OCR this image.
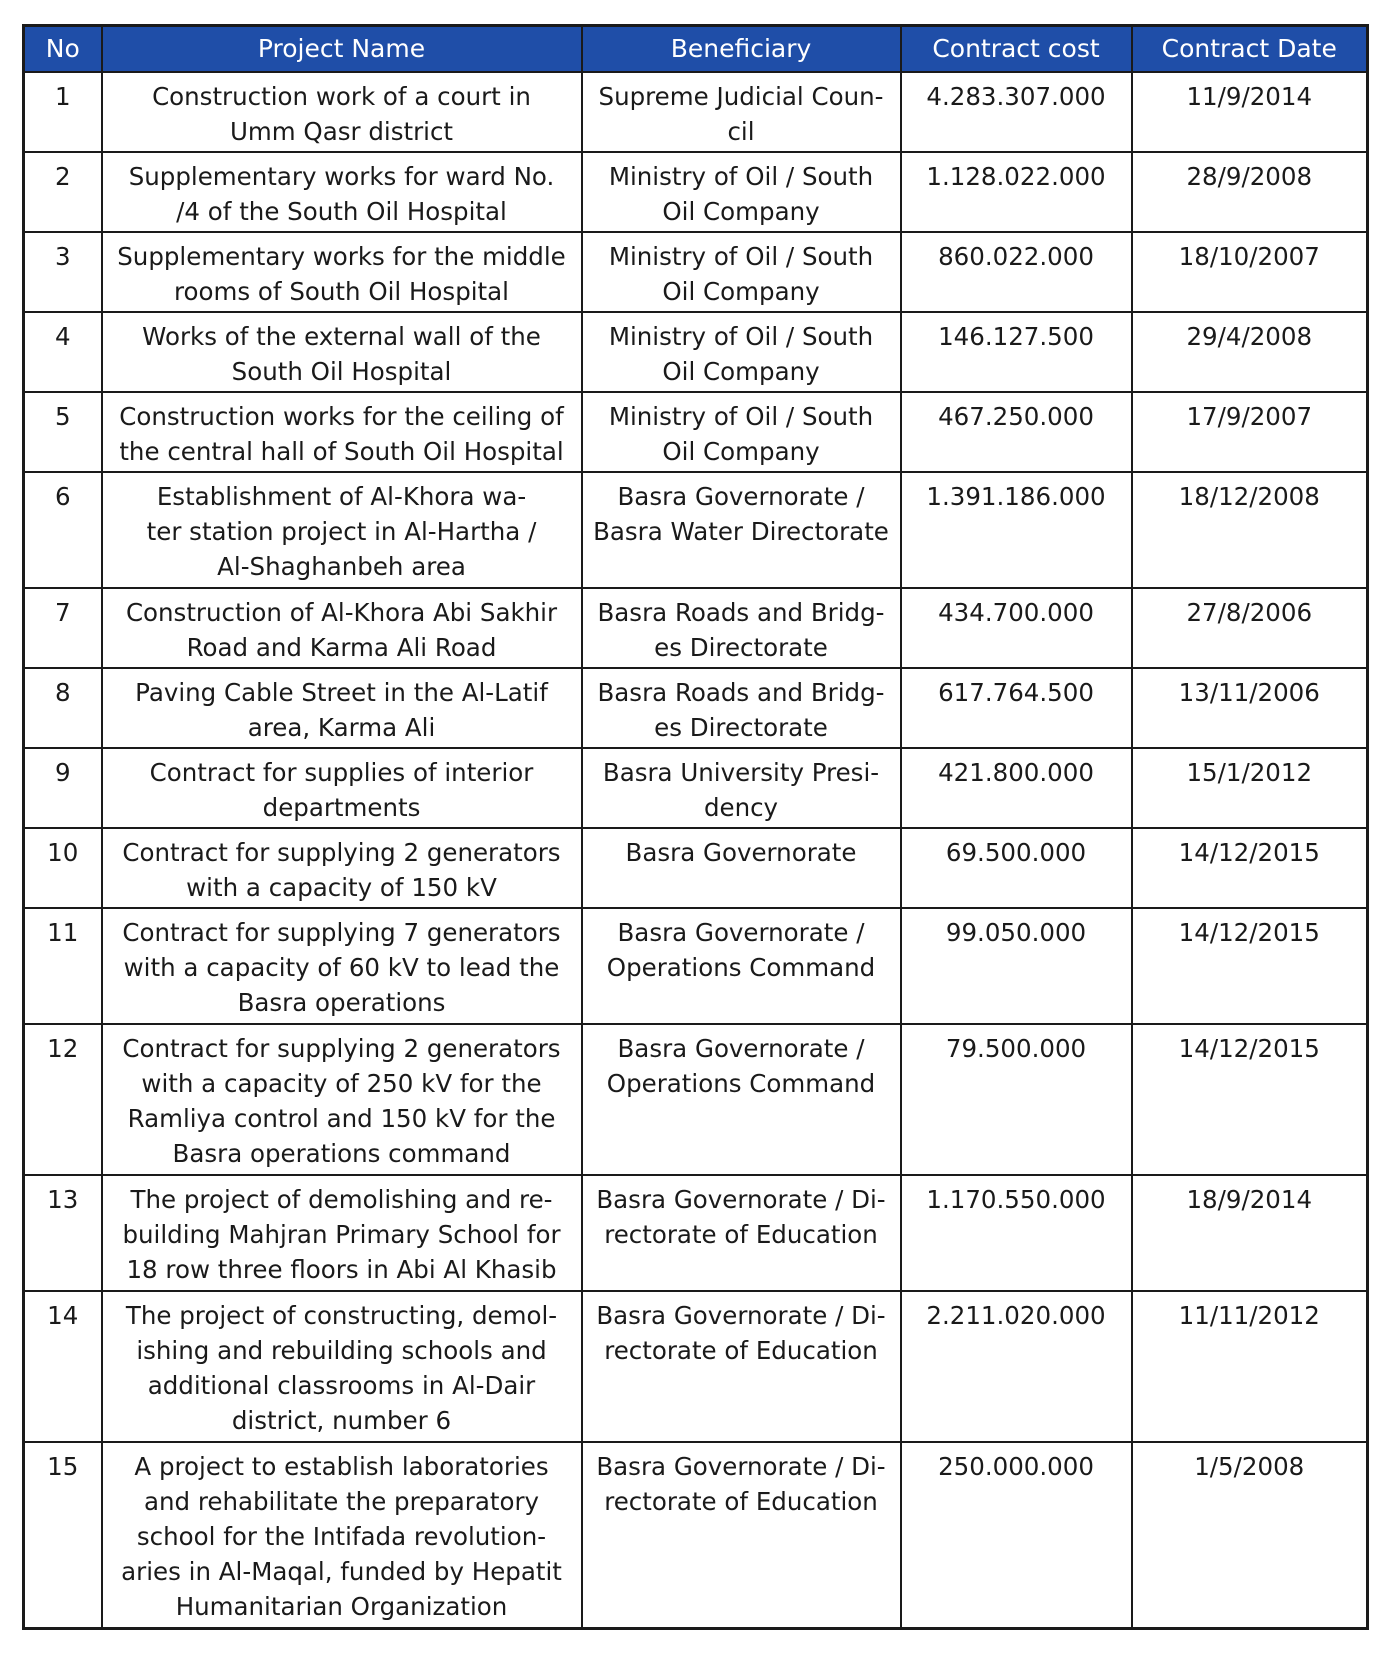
No	Project Name	Beneficiary	Contract cost	Contract Date

1	Construction work of a court in
Umm Qasr district	Supreme Judicial Coun-
cil	4.283.307.000	11/9/2014

2	Supplementary works for ward No.
/4 of the South Oil Hospital	Ministry of Oil / South
Oil Company	1.128.022.000	28/9/2008

3	Supplementary works for the middle
rooms of South Oil Hospital	Ministry of Oil / South
Oil Company	860.022.000	18/10/2007

4	Works of the external wall of the
South Oil Hospital	Ministry of Oil / South
Oil Company	146.127.500	29/4/2008

5	Construction works for the ceiling of
the central hall of South Oil Hospital	Ministry of Oil / South
Oil Company	467.250.000	17/9/2007

6	Establishment of Al-Khora wa-
ter station project in Al-Hartha /
Al-Shaghanbeh area	Basra Governorate /
Basra Water Directorate	1.391.186.000	18/12/2008

7	Construction of Al-Khora Abi Sakhir
Road and Karma Ali Road	Basra Roads and Bridg-
es Directorate	434.700.000	27/8/2006

8	Paving Cable Street in the Al-Latif
area, Karma Ali	Basra Roads and Bridg-
es Directorate	617.764.500	13/11/2006

9	Contract for supplies of interior
departments	Basra University Presi-
dency	421.800.000	15/1/2012

10	Contract for supplying 2 generators
with a capacity of 150 kV	Basra Governorate	69.500.000	14/12/2015

11	Contract for supplying 7 generators
with a capacity of 60 kV to lead the
Basra operations	Basra Governorate /
Operations Command	99.050.000	14/12/2015

12	Contract for supplying 2 generators
with a capacity of 250 kV for the
Ramliya control and 150 kV for the
Basra operations command	Basra Governorate /
Operations Command	79.500.000	14/12/2015

13	The project of demolishing and re-
building Mahjran Primary School for
18 row three floors in Abi Al Khasib	Basra Governorate / Di-
rectorate of Education	1.170.550.000	18/9/2014

14	The project of constructing, demol-
ishing and rebuilding schools and
additional classrooms in Al-Dair
district, number 6	Basra Governorate / Di-
rectorate of Education	2.211.020.000	11/11/2012

15	A project to establish laboratories
and rehabilitate the preparatory
school for the Intifada revolution-
aries in Al-Maqal, funded by Hepatit
Humanitarian Organization	Basra Governorate / Di-
rectorate of Education	250.000.000	1/5/2008
